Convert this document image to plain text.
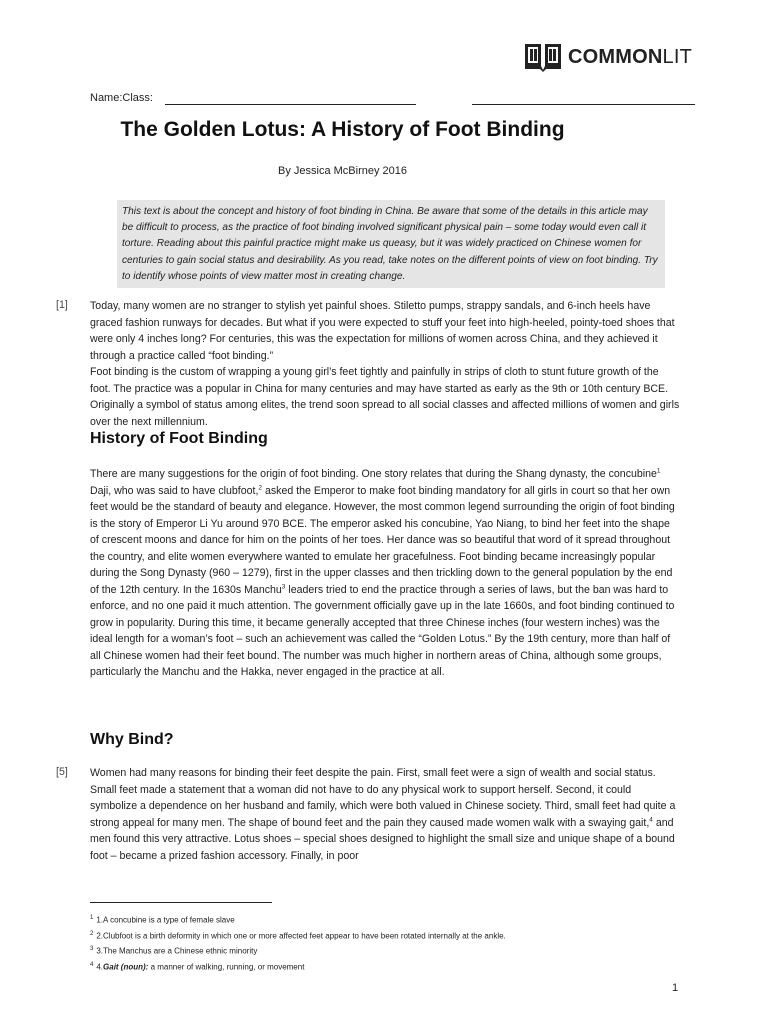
COMMONLIT
Name:Class:
The Golden Lotus: A History of Foot Binding
By Jessica McBirney 2016
This text is about the concept and history of foot binding in China. Be aware that some of the details in this article may be difficult to process, as the practice of foot binding involved significant physical pain – some today would even call it torture. Reading about this painful practice might make us queasy, but it was widely practiced on Chinese women for centuries to gain social status and desirability. As you read, take notes on the different points of view on foot binding. Try to identify whose points of view matter most in creating change.
[1] Today, many women are no stranger to stylish yet painful shoes. Stiletto pumps, strappy sandals, and 6-inch heels have graced fashion runways for decades. But what if you were expected to stuff your feet into high-heeled, pointy-toed shoes that were only 4 inches long? For centuries, this was the expectation for millions of women across China, and they achieved it through a practice called “foot binding.”
Foot binding is the custom of wrapping a young girl’s feet tightly and painfully in strips of cloth to stunt future growth of the foot. The practice was a popular in China for many centuries and may have started as early as the 9th or 10th century BCE. Originally a symbol of status among elites, the trend soon spread to all social classes and affected millions of women and girls over the next millennium.
History of Foot Binding
There are many suggestions for the origin of foot binding. One story relates that during the Shang dynasty, the concubine$^1$ Daji, who was said to have clubfoot,$^2$ asked the Emperor to make foot binding mandatory for all girls in court so that her own feet would be the standard of beauty and elegance. However, the most common legend surrounding the origin of foot binding is the story of Emperor Li Yu around 970 BCE. The emperor asked his concubine, Yao Niang, to bind her feet into the shape of crescent moons and dance for him on the points of her toes. Her dance was so beautiful that word of it spread throughout the country, and elite women everywhere wanted to emulate her gracefulness. Foot binding became increasingly popular during the Song Dynasty (960 – 1279), first in the upper classes and then trickling down to the general population by the end of the 12th century. In the 1630s Manchu$^3$ leaders tried to end the practice through a series of laws, but the ban was hard to enforce, and no one paid it much attention. The government officially gave up in the late 1660s, and foot binding continued to grow in popularity. During this time, it became generally accepted that three Chinese inches (four western inches) was the ideal length for a woman’s foot – such an achievement was called the “Golden Lotus.” By the 19th century, more than half of all Chinese women had their feet bound. The number was much higher in northern areas of China, although some groups, particularly the Manchu and the Hakka, never engaged in the practice at all.
Why Bind?
[5] Women had many reasons for binding their feet despite the pain. First, small feet were a sign of wealth and social status. Small feet made a statement that a woman did not have to do any physical work to support herself. Second, it could symbolize a dependence on her husband and family, which were both valued in Chinese society. Third, small feet had quite a strong appeal for many men. The shape of bound feet and the pain they caused made women walk with a swaying gait,$^4$ and men found this very attractive. Lotus shoes – special shoes designed to highlight the small size and unique shape of a bound foot – became a prized fashion accessory. Finally, in poor
$^1$ 1.A concubine is a type of female slave
$^2$ 2.Clubfoot is a birth deformity in which one or more affected feet appear to have been rotated internally at the ankle.
$^3$ 3.The Manchus are a Chinese ethnic minority
$^4$ 4.Gait (noun): a manner of walking, running, or movement
1
